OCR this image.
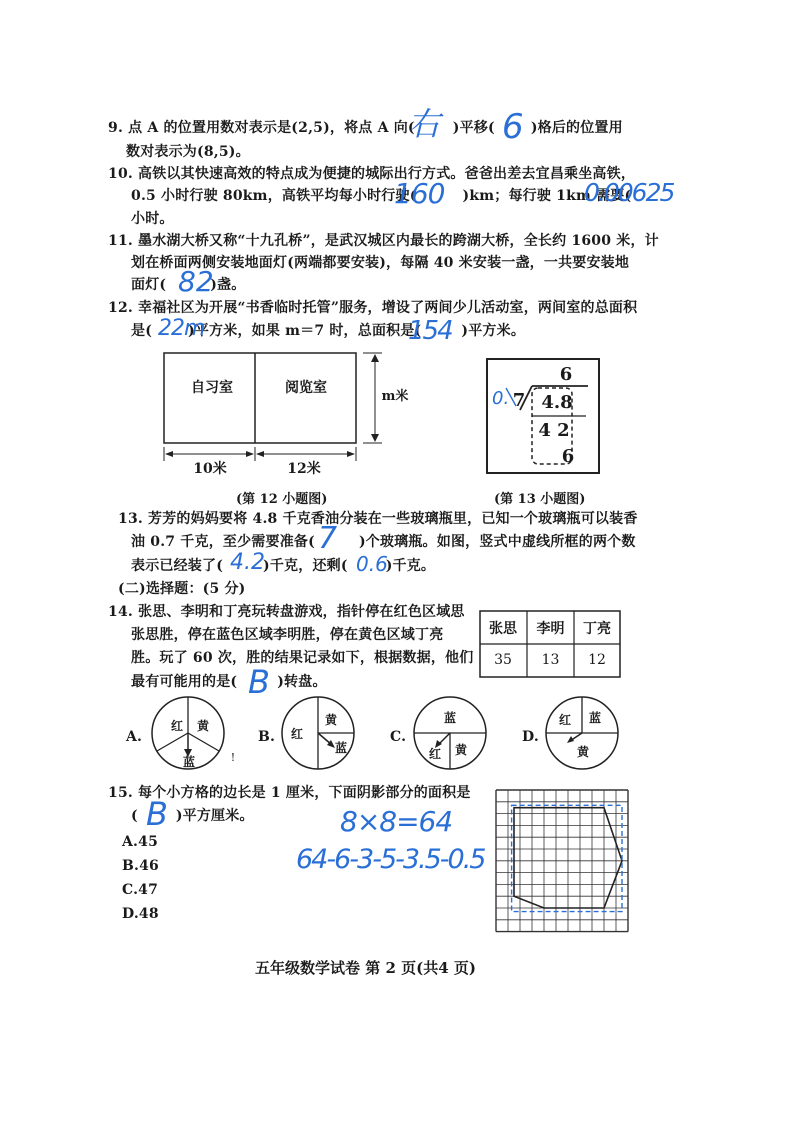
9. 点 A 的位置用数对表示是(2,5)，将点 A 向(	)平移(	)格后的位置用
右 6
数对表示为(8,5)。
10. 高铁以其快速高效的特点成为便捷的城际出行方式。爸爸出差去宜昌乘坐高铁，
0.5 小时行驶 80km，高铁平均每小时行驶(	)km；每行驶 1km 需要(
160	0.00625
小时。
11. 墨水湖大桥又称“十九孔桥”，是武汉城区内最长的跨湖大桥，全长约 1600 米，计
划在桥面两侧安装地面灯(两端都要安装)，每隔 40 米安装一盏，一共要安装地
面灯(	)盏。
82
12. 幸福社区为开展“书香临时托管”服务，增设了两间少儿活动室，两间室的总面积
是(	)平方米，如果 m＝7 时，总面积是(	)平方米。
22m	154
自习室	阅览室
m米
10米	12米
(第 12 小题图)
6
0. 7 4.8
4 2
6
(第 13 小题图)
13. 芳芳的妈妈要将 4.8 千克香油分装在一些玻璃瓶里，已知一个玻璃瓶可以装香
油 0.7 千克，至少需要准备(	)个玻璃瓶。如图，竖式中虚线所框的两个数
7
表示已经装了(	)千克，还剩(	)千克。
4.2	0.6
(二)选择题：(5 分)
14. 张思、李明和丁亮玩转盘游戏，指针停在红色区域思
张思胜，停在蓝色区域李明胜，停在黄色区域丁亮
胜。玩了 60 次，胜的结果记录如下，根据数据，他们
最有可能用的是(	)转盘。
B
张思	李明	丁亮
35	13	12
A.
红 黄
蓝	!
B. 红
黄
蓝
C.
蓝
红 黄
D.
红 蓝
黄
15. 每个小方格的边长是 1 厘米，下面阴影部分的面积是
(	)平方厘米。
B
A.45
B.46
C.47
D.48
8×8=64
64-6-3-5-3.5-0.5
五年级数学试卷 第 2 页(共4 页)
